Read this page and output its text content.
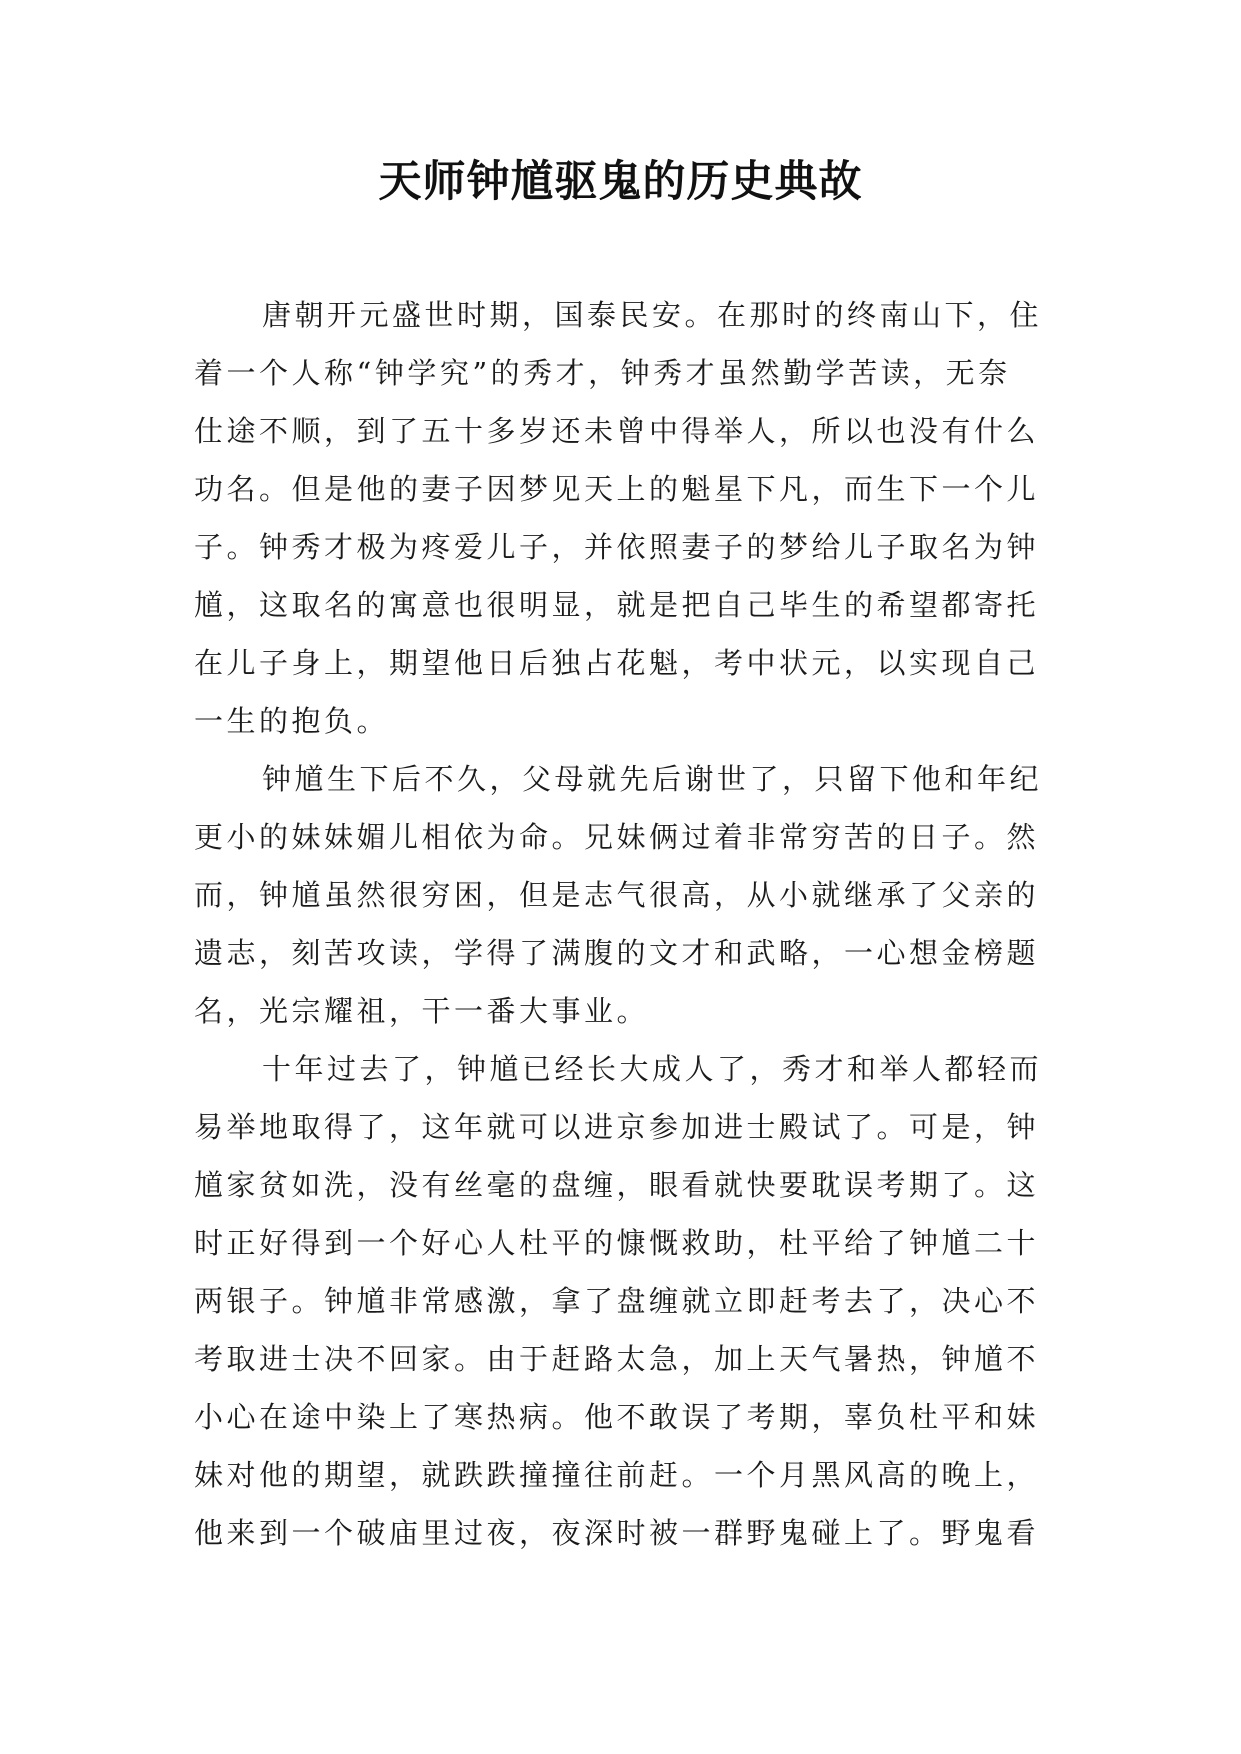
天师钟馗驱鬼的历史典故
唐朝开元盛世时期，国泰民安。在那时的终南山下，住
着一个人称“钟学究”的秀才，钟秀才虽然勤学苦读，无奈
仕途不顺，到了五十多岁还未曾中得举人，所以也没有什么
功名。但是他的妻子因梦见天上的魁星下凡，而生下一个儿
子。钟秀才极为疼爱儿子，并依照妻子的梦给儿子取名为钟
馗，这取名的寓意也很明显，就是把自己毕生的希望都寄托
在儿子身上，期望他日后独占花魁，考中状元，以实现自己
一生的抱负。
钟馗生下后不久，父母就先后谢世了，只留下他和年纪
更小的妹妹媚儿相依为命。兄妹俩过着非常穷苦的日子。然
而，钟馗虽然很穷困，但是志气很高，从小就继承了父亲的
遗志，刻苦攻读，学得了满腹的文才和武略，一心想金榜题
名，光宗耀祖，干一番大事业。
十年过去了，钟馗已经长大成人了，秀才和举人都轻而
易举地取得了，这年就可以进京参加进士殿试了。可是，钟
馗家贫如洗，没有丝毫的盘缠，眼看就快要耽误考期了。这
时正好得到一个好心人杜平的慷慨救助，杜平给了钟馗二十
两银子。钟馗非常感激，拿了盘缠就立即赶考去了，决心不
考取进士决不回家。由于赶路太急，加上天气暑热，钟馗不
小心在途中染上了寒热病。他不敢误了考期，辜负杜平和妹
妹对他的期望，就跌跌撞撞往前赶。一个月黑风高的晚上，
他来到一个破庙里过夜，夜深时被一群野鬼碰上了。野鬼看
